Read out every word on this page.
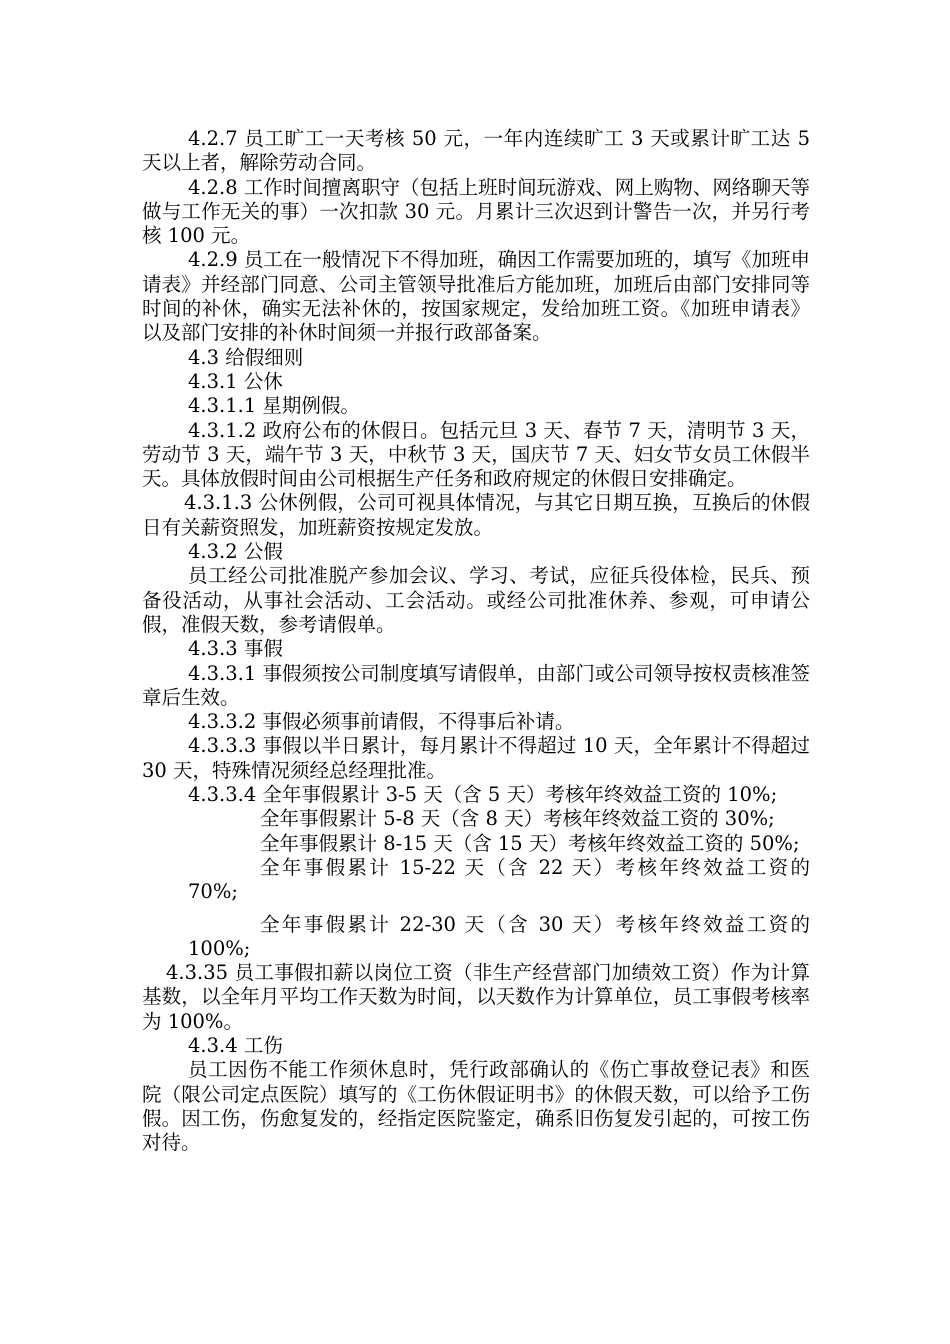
4.2.7 员工旷工一天考核 50 元，一年内连续旷工 3 天或累计旷工达 5 天以上者，解除劳动合同。

4.2.8 工作时间擅离职守（包括上班时间玩游戏、网上购物、网络聊天等做与工作无关的事）一次扣款 30 元。月累计三次迟到计警告一次，并另行考核 100 元。

4.2.9 员工在一般情况下不得加班，确因工作需要加班的，填写《加班申请表》并经部门同意、公司主管领导批准后方能加班，加班后由部门安排同等时间的补休，确实无法补休的，按国家规定，发给加班工资。《加班申请表》以及部门安排的补休时间须一并报行政部备案。

4.3 给假细则

4.3.1 公休

4.3.1.1 星期例假。

4.3.1.2 政府公布的休假日。包括元旦 3 天、春节 7 天，清明节 3 天，劳动节 3 天，端午节 3 天，中秋节 3 天，国庆节 7 天、妇女节女员工休假半天。具体放假时间由公司根据生产任务和政府规定的休假日安排确定。

4.3.1.3 公休例假，公司可视具体情况，与其它日期互换，互换后的休假日有关薪资照发，加班薪资按规定发放。

4.3.2 公假

员工经公司批准脱产参加会议、学习、考试，应征兵役体检，民兵、预备役活动，从事社会活动、工会活动。或经公司批准休养、参观，可申请公假，准假天数，参考请假单。

4.3.3 事假

4.3.3.1 事假须按公司制度填写请假单，由部门或公司领导按权责核准签章后生效。

4.3.3.2 事假必须事前请假，不得事后补请。

4.3.3.3 事假以半日累计，每月累计不得超过 10 天，全年累计不得超过 30 天，特殊情况须经总经理批准。

4.3.3.4 全年事假累计 3-5 天（含 5 天）考核年终效益工资的 10%;

全年事假累计 5-8 天（含 8 天）考核年终效益工资的 30%;

全年事假累计 8-15 天（含 15 天）考核年终效益工资的 50%;

全年事假累计 15-22 天（含 22 天）考核年终效益工资的

70%;

全年事假累计 22-30 天（含 30 天）考核年终效益工资的

100%;

4.3.35 员工事假扣薪以岗位工资（非生产经营部门加绩效工资）作为计算基数，以全年月平均工作天数为时间，以天数作为计算单位，员工事假考核率为 100%。

4.3.4 工伤

员工因伤不能工作须休息时，凭行政部确认的《伤亡事故登记表》和医院（限公司定点医院）填写的《工伤休假证明书》的休假天数，可以给予工伤假。因工伤，伤愈复发的，经指定医院鉴定，确系旧伤复发引起的，可按工伤对待。
